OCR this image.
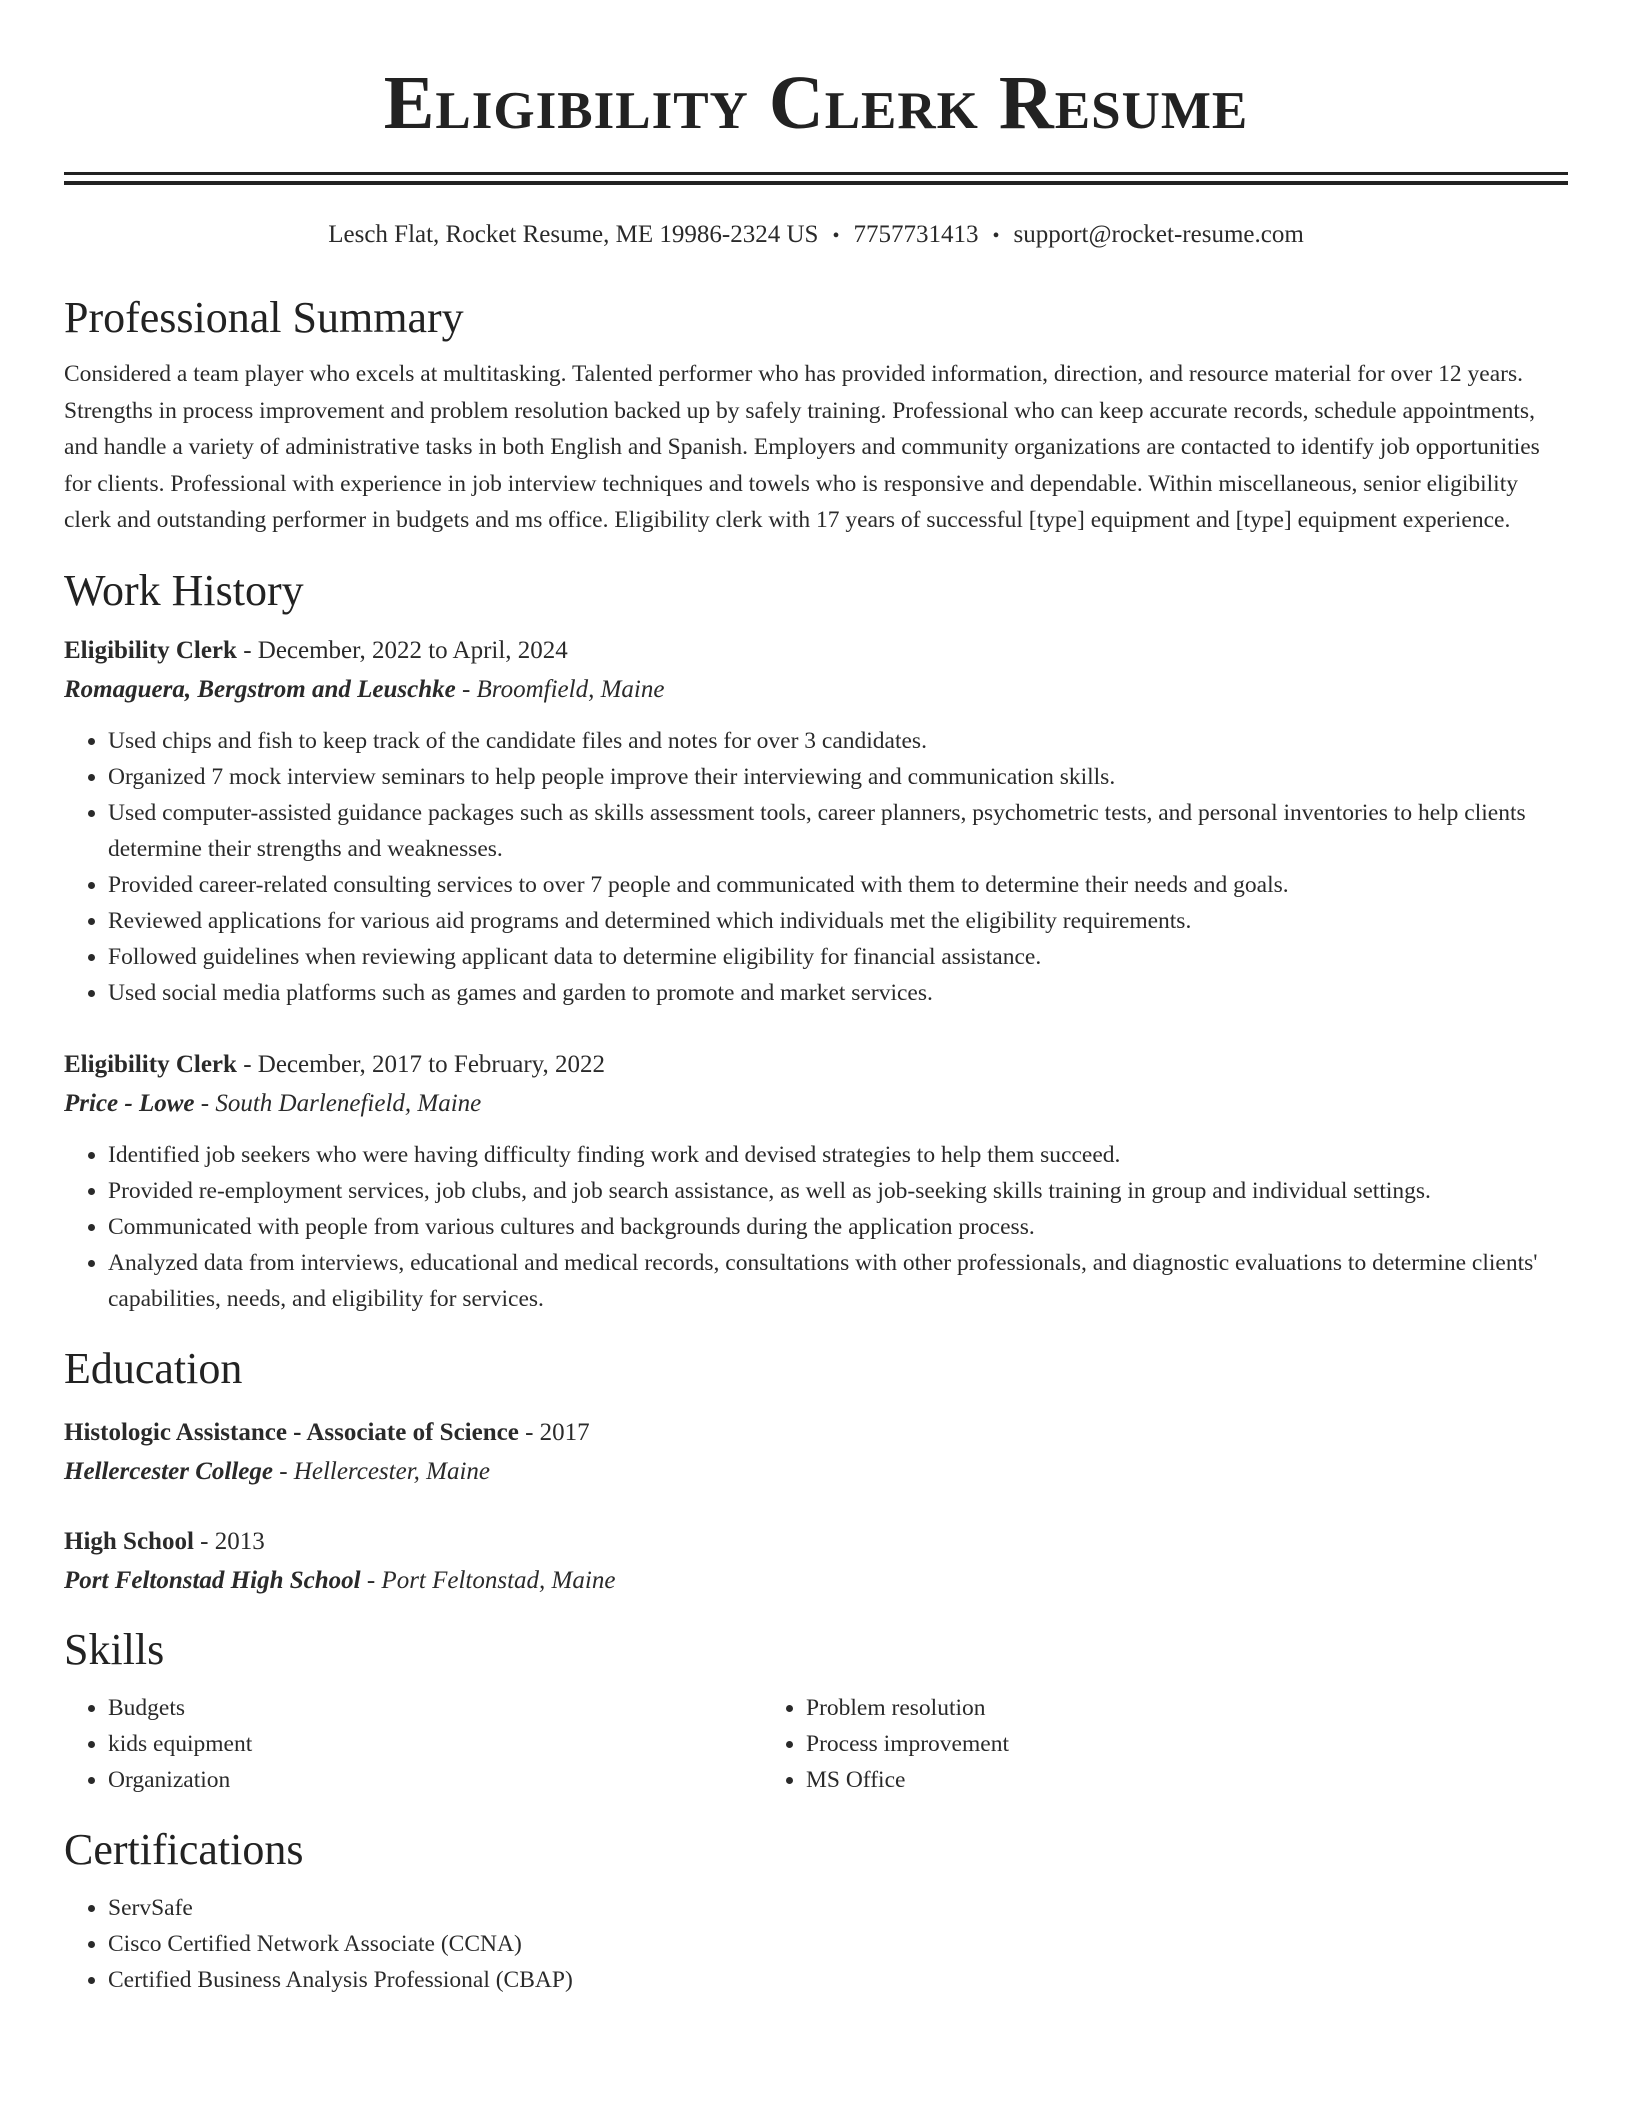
Eligibility Clerk Resume
Lesch Flat, Rocket Resume, ME 19986-2324 US • 7757731413 • support@rocket-resume.com
Professional Summary

Considered a team player who excels at multitasking. Talented performer who has provided information, direction, and resource material for over 12 years. Strengths in process improvement and problem resolution backed up by safely training. Professional who can keep accurate records, schedule appointments, and handle a variety of administrative tasks in both English and Spanish. Employers and community organizations are contacted to identify job opportunities for clients. Professional with experience in job interview techniques and towels who is responsive and dependable. Within miscellaneous, senior eligibility clerk and outstanding performer in budgets and ms office. Eligibility clerk with 17 years of successful [type] equipment and [type] equipment experience.

Work History
Eligibility Clerk - December, 2022 to April, 2024
Romaguera, Bergstrom and Leuschke - Broomfield, Maine
• Used chips and fish to keep track of the candidate files and notes for over 3 candidates.
• Organized 7 mock interview seminars to help people improve their interviewing and communication skills.
• Used computer-assisted guidance packages such as skills assessment tools, career planners, psychometric tests, and personal inventories to help clients determine their strengths and weaknesses.
• Provided career-related consulting services to over 7 people and communicated with them to determine their needs and goals.
• Reviewed applications for various aid programs and determined which individuals met the eligibility requirements.
• Followed guidelines when reviewing applicant data to determine eligibility for financial assistance.
• Used social media platforms such as games and garden to promote and market services.
Eligibility Clerk - December, 2017 to February, 2022
Price - Lowe - South Darlenefield, Maine
• Identified job seekers who were having difficulty finding work and devised strategies to help them succeed.
• Provided re-employment services, job clubs, and job search assistance, as well as job-seeking skills training in group and individual settings.
• Communicated with people from various cultures and backgrounds during the application process.
• Analyzed data from interviews, educational and medical records, consultations with other professionals, and diagnostic evaluations to determine clients' capabilities, needs, and eligibility for services.
Education
Histologic Assistance - Associate of Science - 2017
Hellercester College - Hellercester, Maine
High School - 2013
Port Feltonstad High School - Port Feltonstad, Maine
Skills
• Budgets
• kids equipment
• Organization
• Problem resolution
• Process improvement
• MS Office
Certifications
• ServSafe
• Cisco Certified Network Associate (CCNA)
• Certified Business Analysis Professional (CBAP)
